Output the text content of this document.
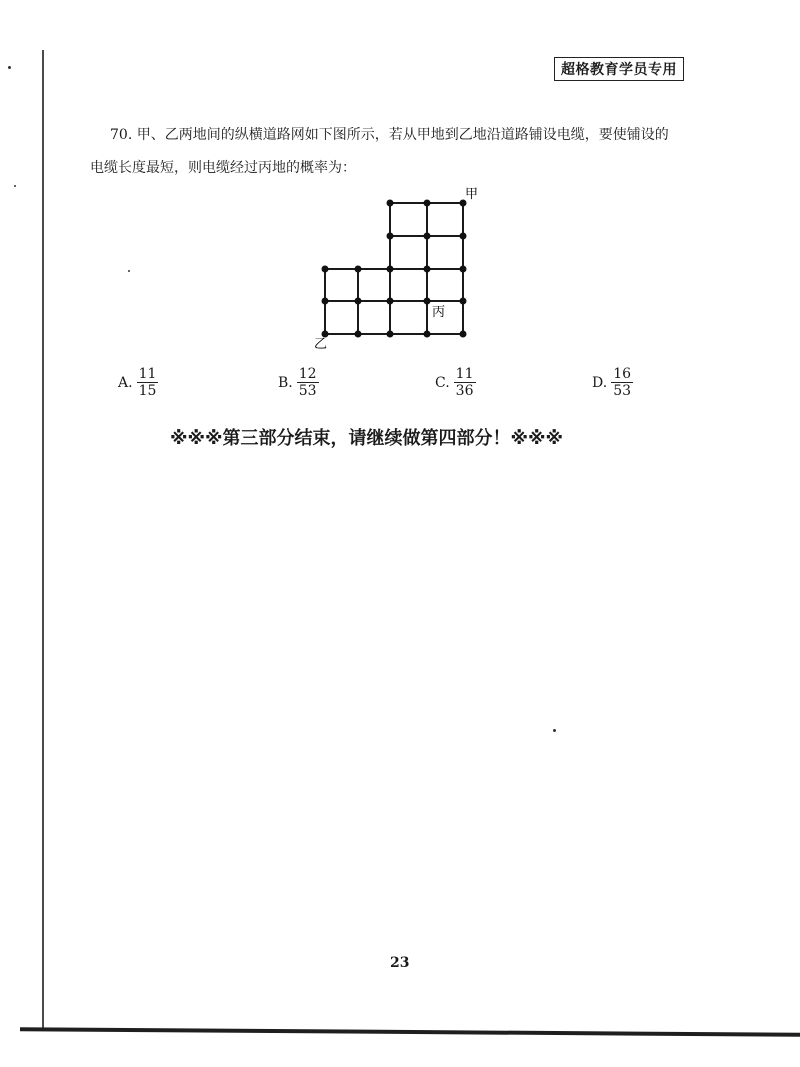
超格教育学员专用
70. 甲、乙两地间的纵横道路网如下图所示，若从甲地到乙地沿道路铺设电缆，要使铺设的
电缆长度最短，则电缆经过丙地的概率为：
甲
乙
丙
A. $\frac{11}{15}$	B. $\frac{12}{53}$	C. $\frac{11}{36}$	D. $\frac{16}{53}$
※※※第三部分结束，请继续做第四部分！※※※
23
